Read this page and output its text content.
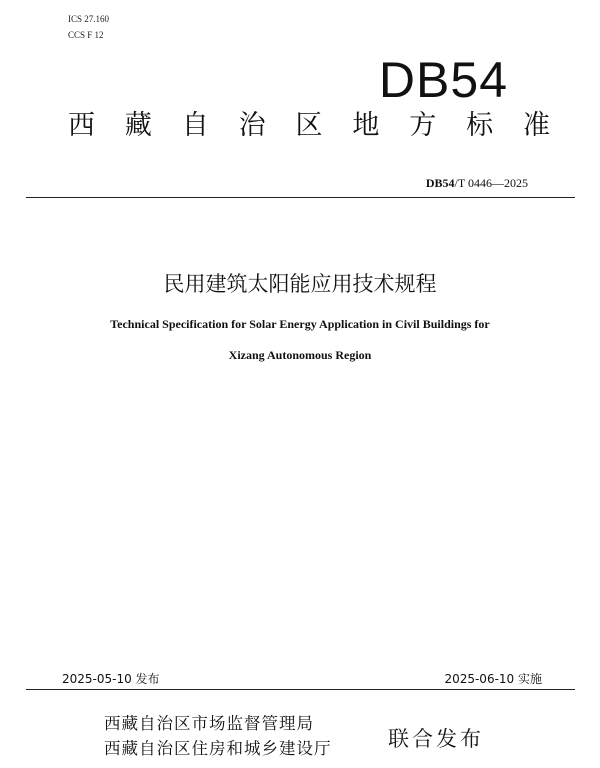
ICS 27.160
CCS F 12
DB54
西 藏 自 治 区 地 方 标 准
DB54/T 0446—2025
民用建筑太阳能应用技术规程
Technical Specification for Solar Energy Application in Civil Buildings for
Xizang Autonomous Region
2025-05-10 发布	2025-06-10 实施
西藏自治区市场监督管理局
西藏自治区住房和城乡建设厅	联合发布
